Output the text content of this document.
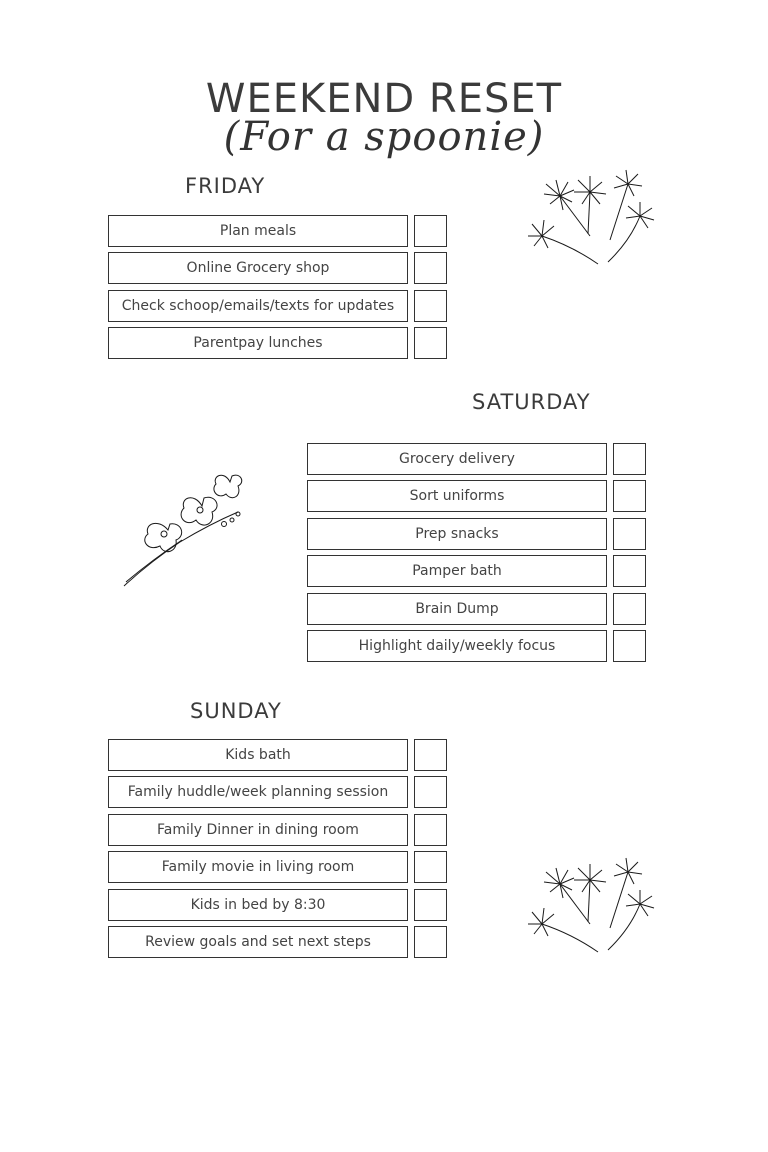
WEEKEND RESET
(For a spoonie)
FRIDAY
Plan meals
Online Grocery shop
Check schoop/emails/texts for updates
Parentpay lunches
SATURDAY
Grocery delivery
Sort uniforms
Prep snacks
Pamper bath
Brain Dump
Highlight daily/weekly focus
SUNDAY
Kids bath
Family huddle/week planning session
Family Dinner in dining room
Family movie in living room
Kids in bed by 8:30
Review goals and set next steps
